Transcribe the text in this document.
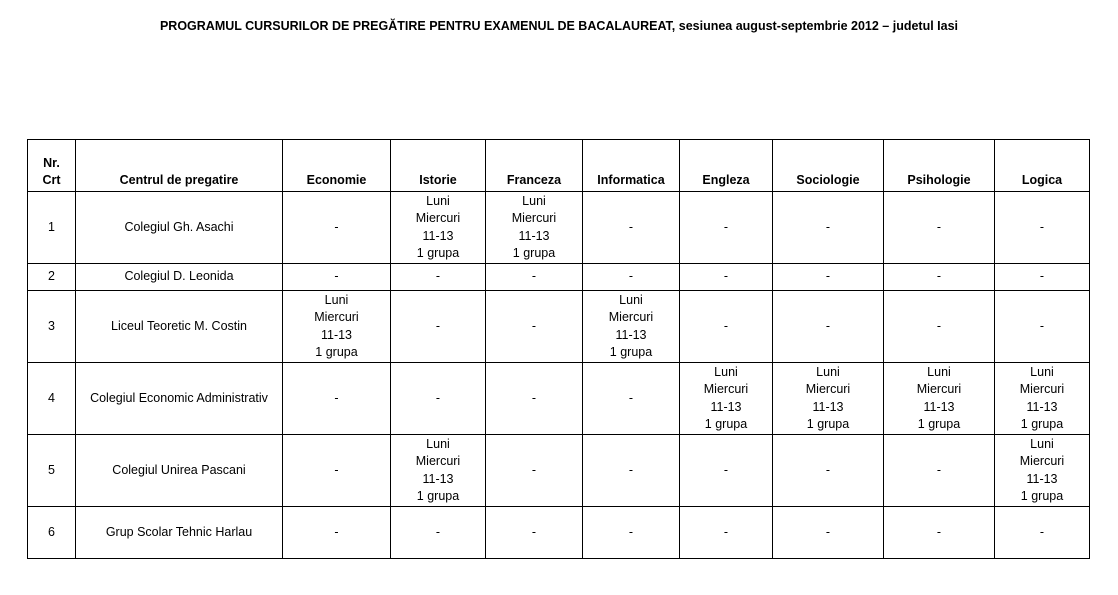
PROGRAMUL CURSURILOR DE PREGĂTIRE PENTRU EXAMENUL DE BACALAUREAT, sesiunea august-septembrie 2012 – judetul Iasi
Nr.
Crt	Centrul de pregatire	Economie	Istorie	Franceza	Informatica	Engleza	Sociologie	Psihologie	Logica
1	Colegiul Gh. Asachi	-	Luni
Miercuri
11-13
1 grupa	Luni
Miercuri
11-13
1 grupa	-	-	-	-	-
2	Colegiul D. Leonida	-	-	-	-	-	-	-	-
3	Liceul Teoretic M. Costin	Luni
Miercuri
11-13
1 grupa	-	-	Luni
Miercuri
11-13
1 grupa	-	-	-	-
4	Colegiul Economic Administrativ	-	-	-	-	Luni
Miercuri
11-13
1 grupa	Luni
Miercuri
11-13
1 grupa	Luni
Miercuri
11-13
1 grupa	Luni
Miercuri
11-13
1 grupa

5	Colegiul Unirea Pascani	-	Luni
Miercuri
11-13
1 grupa	-	-	-	-	-	Luni
Miercuri
11-13
1 grupa

6	Grup Scolar Tehnic Harlau	-	-	-	-	-	-	-	-
